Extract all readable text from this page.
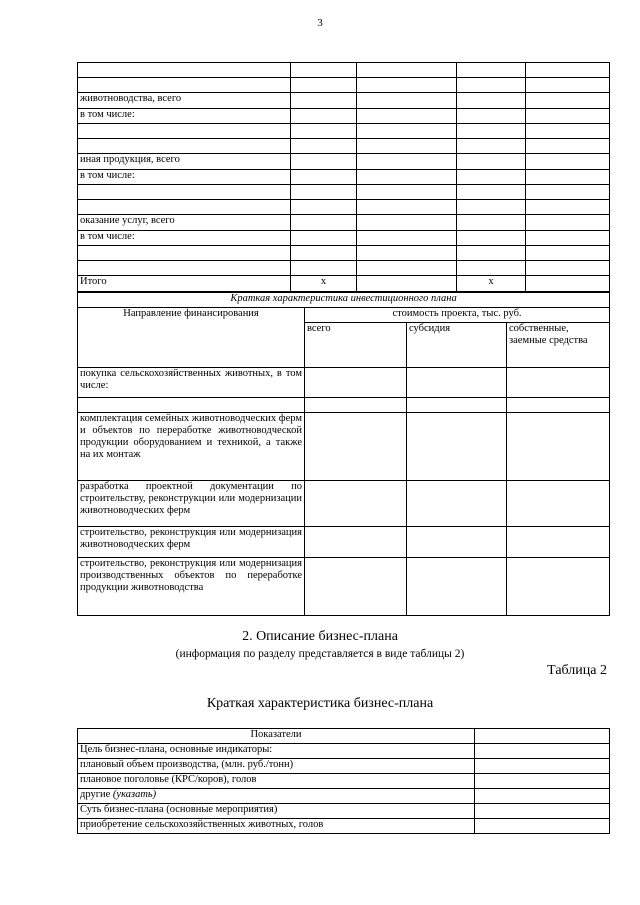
3

животноводства, всего				
в том числе:				

иная продукция, всего				
в том числе:				

оказание услуг, всего				
в том числе:				

Итого	х		х	
Краткая характеристика инвестиционного плана			
Направление финансирования	стоимость проекта, тыс. руб.		
	всего	субсидия	собственные, заемные средства
покупка сельскохозяйственных животных, в том числе:			

комплектация семейных животноводческих ферм и объектов по переработке животноводческой продукции оборудованием и техникой, а также на их монтаж			
разработка проектной документации по строительству, реконструкции или модернизации животноводческих ферм			
строительство, реконструкция или модернизация животноводческих ферм			
строительство, реконструкция или модернизация производственных объектов по переработке продукции животноводства			
2. Описание бизнес-плана
(информация по разделу представляется в виде таблицы 2)
Таблица 2
Краткая характеристика бизнес-плана
Показатели	
Цель бизнес-плана, основные индикаторы:	
плановый объем производства, (млн. руб./тонн)	
плановое поголовье (КРС/коров), голов	
другие (указать)	
Суть бизнес-плана (основные мероприятия)	
приобретение сельскохозяйственных животных, голов	
